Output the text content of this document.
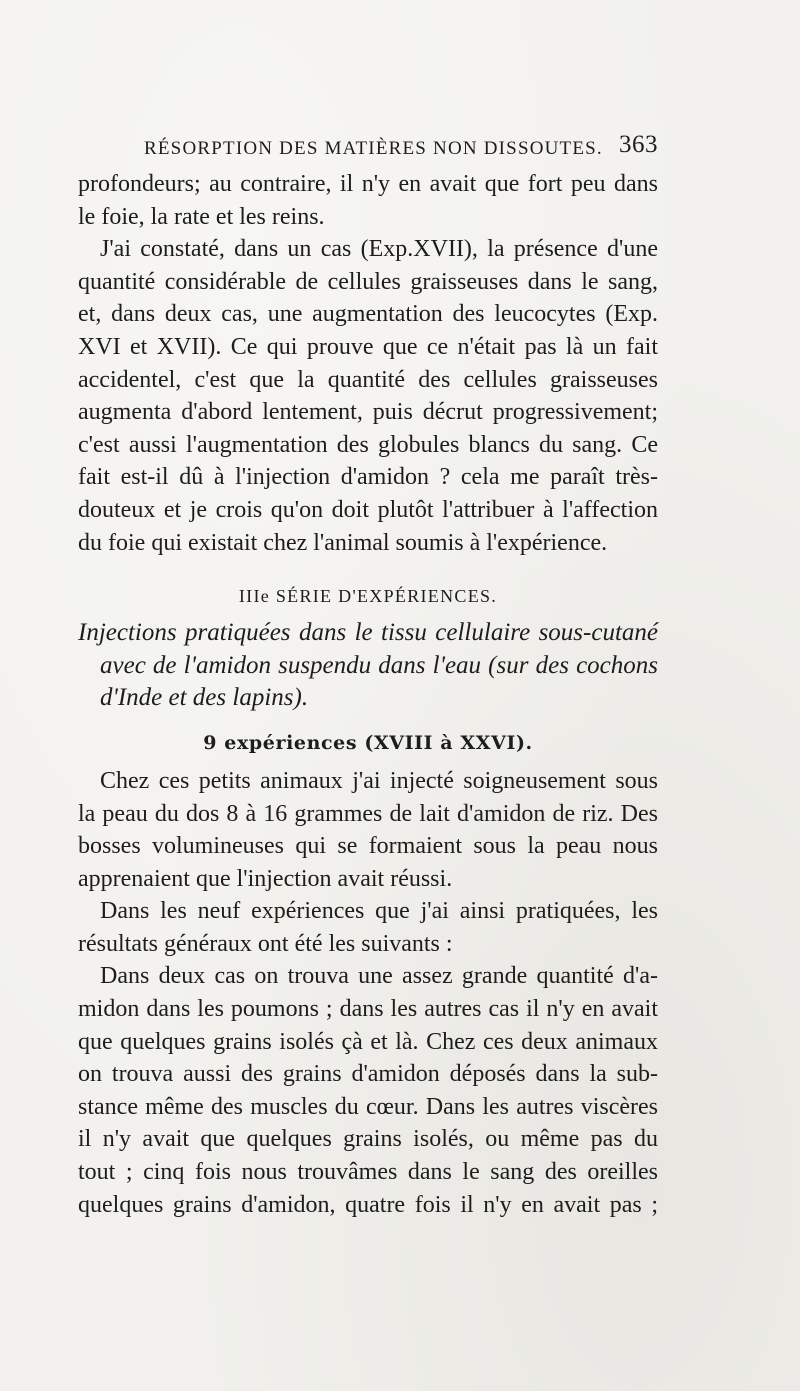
RÉSORPTION DES MATIÈRES NON DISSOUTES. 363
profondeurs; au contraire, il n'y en avait que fort peu dans
le foie, la rate et les reins.
J'ai constaté, dans un cas (Exp.XVII), la présence d'une
quantité considérable de cellules graisseuses dans le sang,
et, dans deux cas, une augmentation des leucocytes (Exp.
XVI et XVII). Ce qui prouve que ce n'était pas là un fait
accidentel, c'est que la quantité des cellules graisseuses
augmenta d'abord lentement, puis décrut progressivement;
c'est aussi l'augmentation des globules blancs du sang. Ce
fait est-il dû à l'injection d'amidon ? cela me paraît très-
douteux et je crois qu'on doit plutôt l'attribuer à l'affection
du foie qui existait chez l'animal soumis à l'expérience.
IIIe SÉRIE D'EXPÉRIENCES.
Injections pratiquées dans le tissu cellulaire sous-cutané
avec de l'amidon suspendu dans l'eau (sur des cochons
d'Inde et des lapins).
9 expériences (XVIII à XXVI).
Chez ces petits animaux j'ai injecté soigneusement sous
la peau du dos 8 à 16 grammes de lait d'amidon de riz. Des
bosses volumineuses qui se formaient sous la peau nous
apprenaient que l'injection avait réussi.
Dans les neuf expériences que j'ai ainsi pratiquées, les
résultats généraux ont été les suivants :
Dans deux cas on trouva une assez grande quantité d'a-
midon dans les poumons ; dans les autres cas il n'y en avait
que quelques grains isolés çà et là. Chez ces deux animaux
on trouva aussi des grains d'amidon déposés dans la sub-
stance même des muscles du cœur. Dans les autres viscères
il n'y avait que quelques grains isolés, ou même pas du
tout ; cinq fois nous trouvâmes dans le sang des oreilles
quelques grains d'amidon, quatre fois il n'y en avait pas ;
